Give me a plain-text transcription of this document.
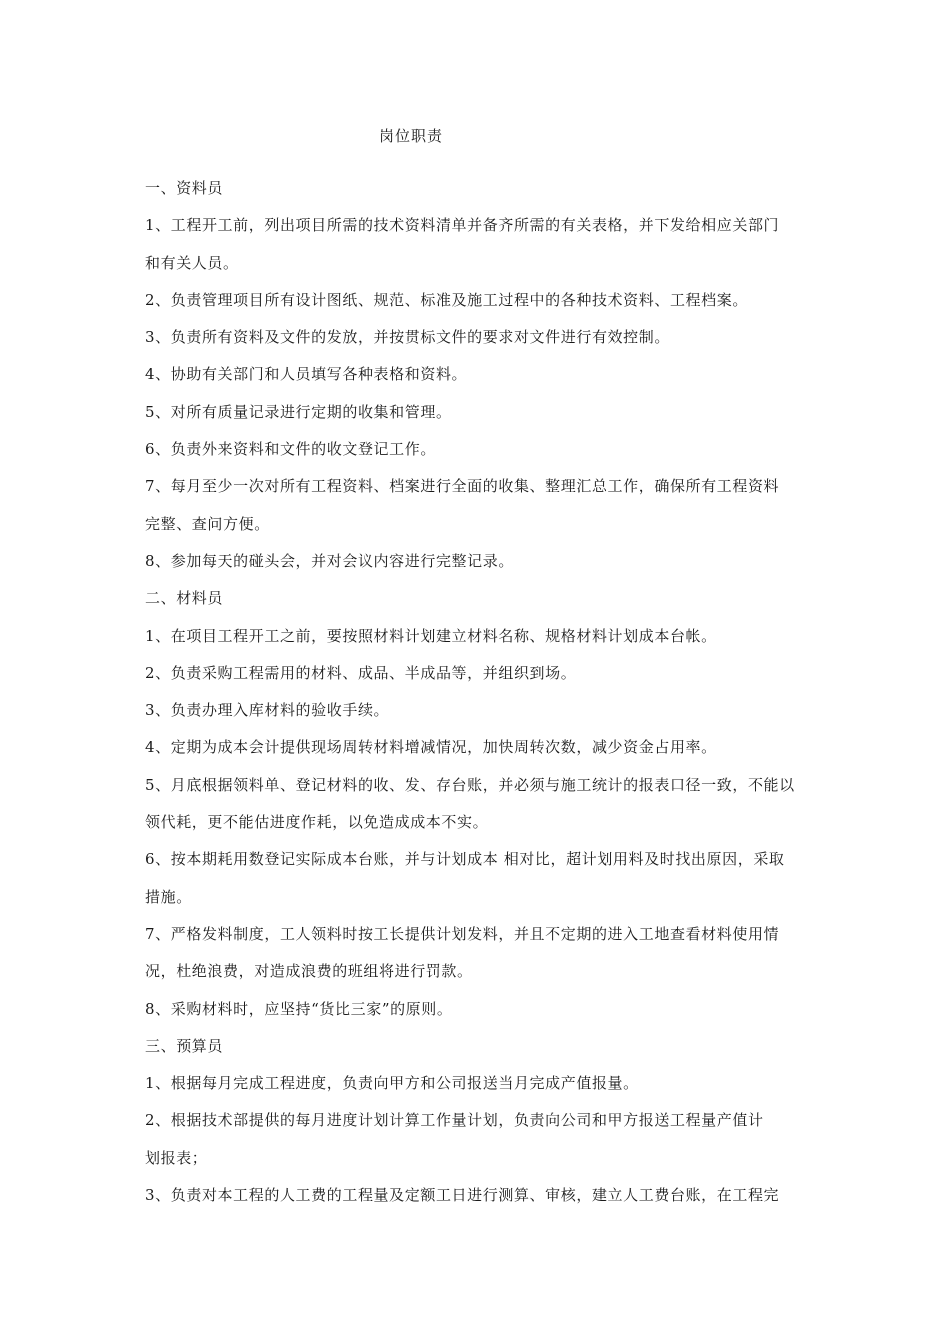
岗位职责
一、资料员
1、工程开工前，列出项目所需的技术资料清单并备齐所需的有关表格，并下发给相应关部门
和有关人员。
2、负责管理项目所有设计图纸、规范、标准及施工过程中的各种技术资料、工程档案。
3、负责所有资料及文件的发放，并按贯标文件的要求对文件进行有效控制。
4、协助有关部门和人员填写各种表格和资料。
5、对所有质量记录进行定期的收集和管理。
6、负责外来资料和文件的收文登记工作。
7、每月至少一次对所有工程资料、档案进行全面的收集、整理汇总工作，确保所有工程资料
完整、查问方便。
8、参加每天的碰头会，并对会议内容进行完整记录。
二、材料员
1、在项目工程开工之前，要按照材料计划建立材料名称、规格材料计划成本台帐。
2、负责采购工程需用的材料、成品、半成品等，并组织到场。
3、负责办理入库材料的验收手续。
4、定期为成本会计提供现场周转材料增减情况，加快周转次数，减少资金占用率。
5、月底根据领料单、登记材料的收、发、存台账，并必须与施工统计的报表口径一致，不能以
领代耗，更不能估进度作耗，以免造成成本不实。
6、按本期耗用数登记实际成本台账，并与计划成本 相对比，超计划用料及时找出原因，采取
措施。
7、严格发料制度，工人领料时按工长提供计划发料，并且不定期的进入工地查看材料使用情
况，杜绝浪费，对造成浪费的班组将进行罚款。
8、采购材料时，应坚持“货比三家”的原则。
三、预算员
1、根据每月完成工程进度，负责向甲方和公司报送当月完成产值报量。
2、根据技术部提供的每月进度计划计算工作量计划，负责向公司和甲方报送工程量产值计
划报表；
3、负责对本工程的人工费的工程量及定额工日进行测算、审核，建立人工费台账，在工程完
